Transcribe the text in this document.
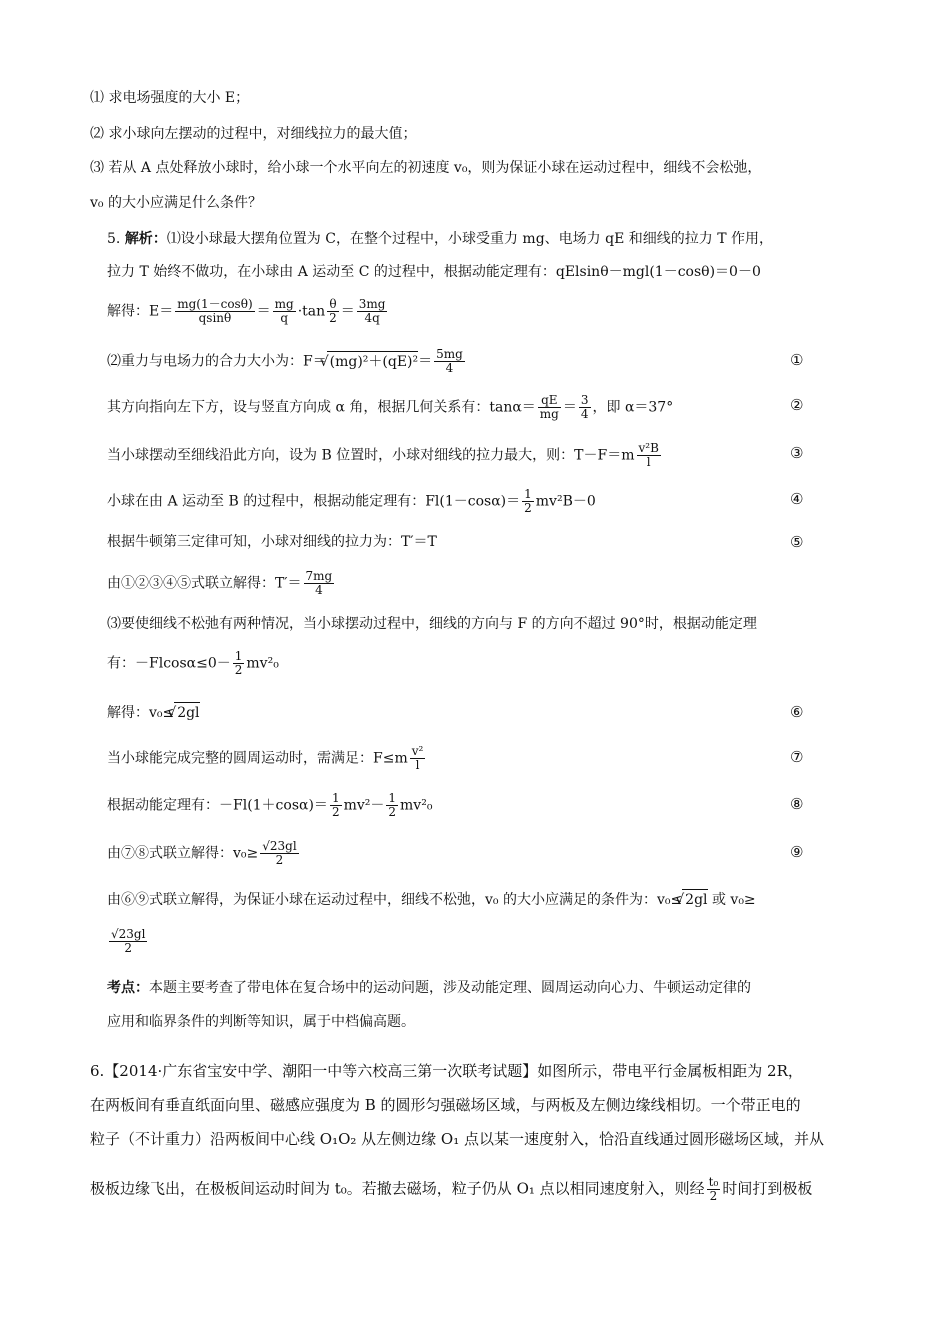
⑴ 求电场强度的大小 E；
⑵ 求小球向左摆动的过程中，对细线拉力的最大值；
⑶ 若从 A 点处释放小球时，给小球一个水平向左的初速度 v₀，则为保证小球在运动过程中，细线不会松弛，
v₀ 的大小应满足什么条件？
5. 解析：⑴设小球最大摆角位置为 C，在整个过程中，小球受重力 mg、电场力 qE 和细线的拉力 T 作用，
拉力 T 始终不做功，在小球由 A 运动至 C 的过程中，根据动能定理有：qElsinθ－mgl(1－cosθ)＝0－0
解得：$E= \frac{mg(1-\cos\theta)}{qsin\theta} = \frac{mg}{q} \cdot\tan \frac{\theta}{2} = \frac{3mg}{4q}$
⑵重力与电场力的合力大小为：F＝ √ $(mg)^2+(qE)^2= \frac{5mg}{4}$	①
其方向指向左下方，设与竖直方向成 α 角，根据几何关系有：$\tan\alpha= \frac{qE}{mg} = \frac{3}{4}$ ，即 α＝37°	②
当小球摆动至细线沿此方向，设为 B 位置时，小球对细线的拉力最大，则：$T-F=m \frac{\text{v²B}}{l}$	③
小球在由 A 运动至 B 的过程中，根据动能定理有：$Fl(1-\cos\alpha)= \frac{1}{2} mv^2B-0$	④
根据牛顿第三定律可知，小球对细线的拉力为：T′＝T	⑤
由①②③④⑤式联立解得：$T'= \frac{7mg}{4}$
⑶要使细线不松弛有两种情况，当小球摆动过程中，细线的方向与 F 的方向不超过 90°时，根据动能定理
有：$-Flcos\alpha\le 0- \frac{1}{2} mv^2_0$
解得：v₀≤ √ 2gl	⑥
当小球能完成完整的圆周运动时，需满足：$F\le m \frac{\text{v²}}{l}$	⑦
根据动能定理有：$-Fl(1+\cos\alpha)= \frac{1}{2} mv^2- \frac{1}{2} mv^2_0$	⑧
由⑦⑧式联立解得：$v_0\ge \frac{√23gl}{2}$	⑨
由⑥⑨式联立解得，为保证小球在运动过程中，细线不松弛，v₀ 的大小应满足的条件为：v₀≤ √ 2gl 或 v₀≥
$\frac{√23gl}{2}$
考点：本题主要考查了带电体在复合场中的运动问题，涉及动能定理、圆周运动向心力、牛顿运动定律的
应用和临界条件的判断等知识，属于中档偏高题。
6.【2014·广东省宝安中学、潮阳一中等六校高三第一次联考试题】如图所示，带电平行金属板相距为 2R，
在两板间有垂直纸面向里、磁感应强度为 B 的圆形匀强磁场区域，与两板及左侧边缘线相切。一个带正电的
粒子（不计重力）沿两板间中心线 O₁O₂ 从左侧边缘 O₁ 点以某一速度射入，恰沿直线通过圆形磁场区域，并从
极板边缘飞出，在极板间运动时间为 t₀。若撤去磁场，粒子仍从 O₁ 点以相同速度射入，则经 $\frac{\text{t₀}}{2}$ 时间打到极板
